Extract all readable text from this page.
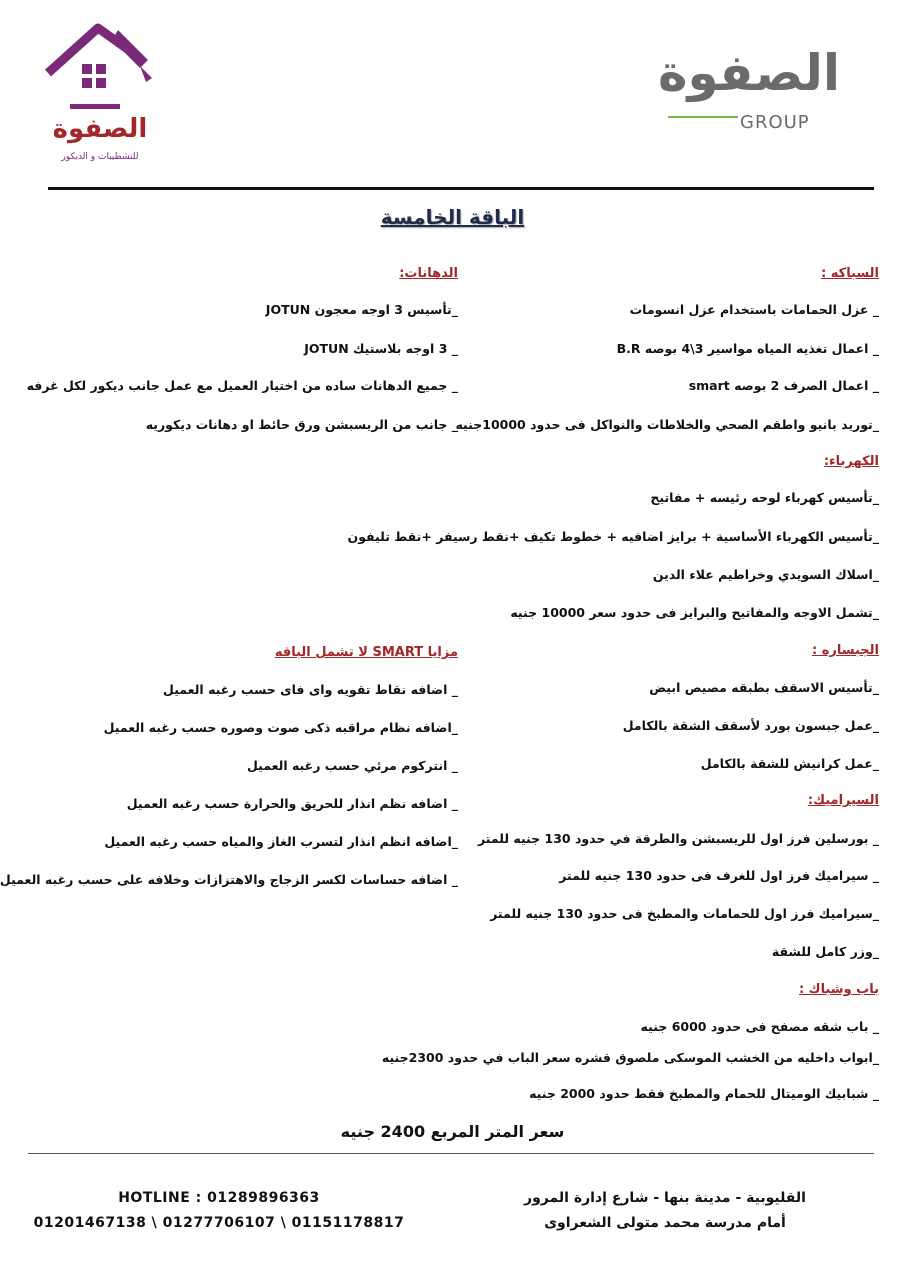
الصفوة
للتشطيبات و الديكور
الصفوة
GROUP
الباقة الخامسة
السباكه :
_ عزل الحمامات باستخدام عزل انسومات
_ اعمال تغذيه المياه مواسير 3\4 بوصه B.R
_ اعمال الصرف 2 بوصه smart
_توريد بانيو واطقم الصحي والخلاطات والنواكل فى حدود 10000جنيه
الكهرباء:
_تأسيس كهرباء لوحه رئيسه + مفاتيح
_تأسيس الكهرباء الأساسية + برايز اضافيه + خطوط تكيف +نقط رسيفر +نقط تليفون
_اسلاك السويدي وخراطيم علاء الدين
_تشمل الاوجه والمفاتيح والبرايز فى حدود سعر 10000 جنيه
الجبساره :
_تأسيس الاسقف بطبقه مصيص ابيض
_عمل جبسون بورد لأسقف الشقة بالكامل
_عمل كرانيش للشقة بالكامل
السيراميك:
_ بورسلين فرز اول للريسبشن والطرقة في حدود 130 جنيه للمتر
_ سيراميك فرز اول للغرف فى حدود 130 جنيه للمتر
_سيراميك فرز اول للحمامات والمطبخ فى حدود 130 جنيه للمتر
_وزر كامل للشقة
باب وشباك :
_ باب شقه مصفح فى حدود 6000 جنيه
_ابواب داخليه من الخشب الموسكى ملصوق قشره سعر الباب في حدود 2300جنيه
_ شبابيك الوميتال للحمام والمطبخ فقط حدود 2000 جنيه
الدهانات:
_تأسيس 3 اوجه معجون JOTUN
_ 3 اوجه بلاستيك JOTUN
_ جميع الدهانات ساده من اختيار العميل مع عمل جانب ديكور لكل غرفه
_ جانب من الريسبشن ورق حائط او دهانات ديكوريه
مزايا SMART لا تشمل الباقه
_ اضافه نقاط تقويه واى فاى حسب رغبه العميل
_اضافه نظام مراقبه ذكى صوت وصوره حسب رغبه العميل
_ انتركوم مرئي حسب رغبه العميل
_ اضافه نظم انذار للحريق والحرارة حسب رغبه العميل
_اضافه انظم انذار لتسرب الغاز والمياه حسب رغبه العميل
_ اضافه حساسات لكسر الزجاج والاهتزازات وخلافه على حسب رغبه العميل
سعر المتر المربع 2400 جنيه
HOTLINE : 01289896363
01201467138 \ 01277706107 \ 01151178817
القليوبية - مدينة بنها - شارع إدارة المرور
أمام مدرسة محمد متولى الشعراوى
